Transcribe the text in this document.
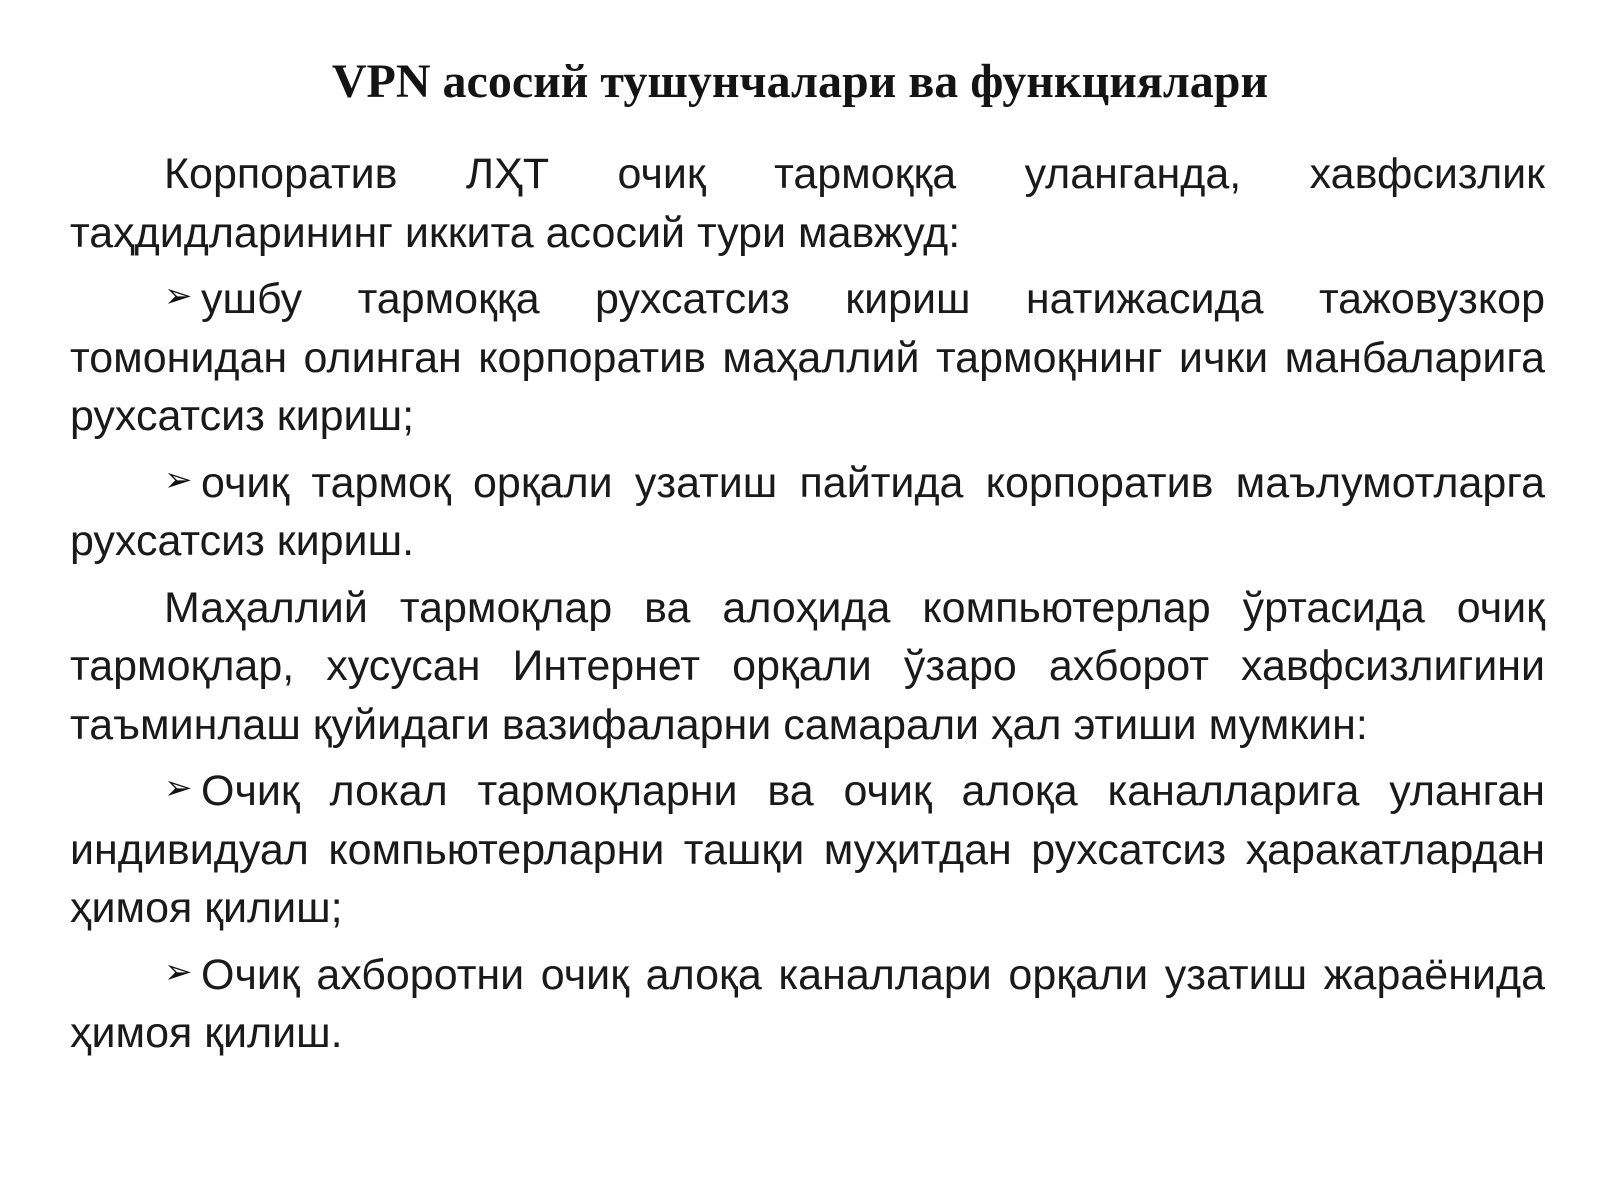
VPN асосий тушунчалари ва функциялари

Корпоратив ЛҲТ очиқ тармоққа уланганда, хавфсизлик таҳдидларининг иккита асосий тури мавжуд:

➢ ушбу тармоққа рухсатсиз кириш натижасида тажовузкор томонидан олинган корпоратив маҳаллий тармоқнинг ички манбаларига рухсатсиз кириш;

➢ очиқ тармоқ орқали узатиш пайтида корпоратив маълумотларга рухсатсиз кириш.

Маҳаллий тармоқлар ва алоҳида компьютерлар ўртасида очиқ тармоқлар, хусусан Интернет орқали ўзаро ахборот хавфсизлигини таъминлаш қуйидаги вазифаларни самарали ҳал этиши мумкин:

➢ Очиқ локал тармоқларни ва очиқ алоқа каналларига уланган индивидуал компьютерларни ташқи муҳитдан рухсатсиз ҳаракатлардан ҳимоя қилиш;

➢ Очиқ ахборотни очиқ алоқа каналлари орқали узатиш жараёнида ҳимоя қилиш.
